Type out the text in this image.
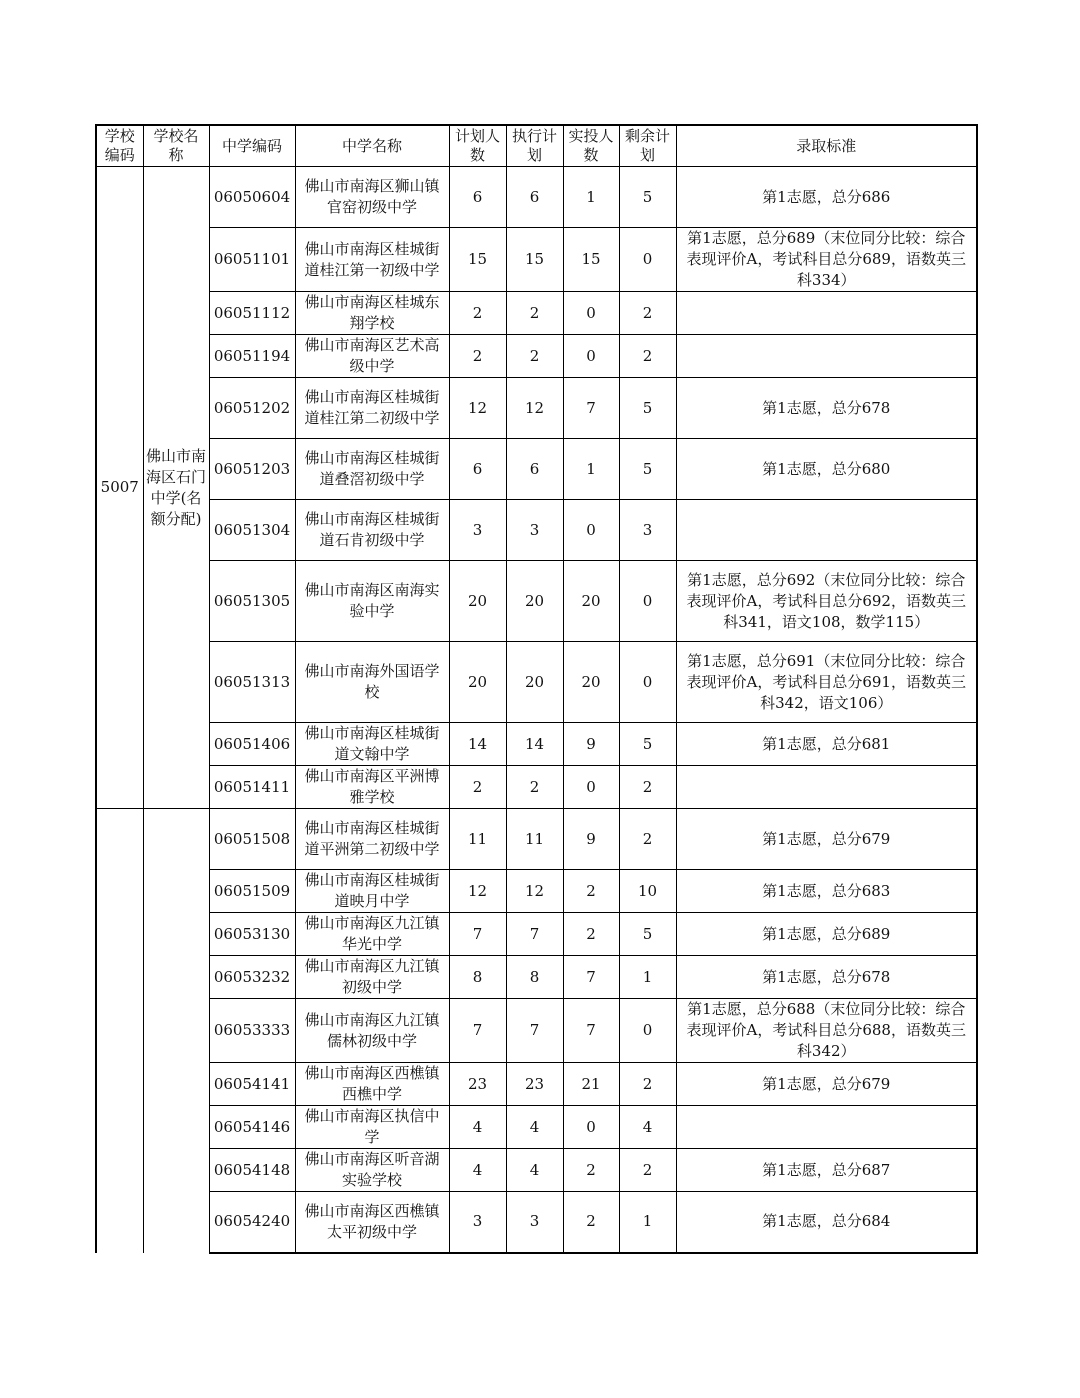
学校编码	学校名称	中学编码	中学名称	计划人数	执行计划	实投人数	剩余计划	录取标准
5007	佛山市南海区石门中学(名额分配)	06050604	佛山市南海区狮山镇官窑初级中学	6	6	1	5	第1志愿，总分686
		06051101	佛山市南海区桂城街道桂江第一初级中学	15	15	15	0	第1志愿，总分689（末位同分比较：综合表现评价A，考试科目总分689，语数英三科334）
		06051112	佛山市南海区桂城东翔学校	2	2	0	2	
		06051194	佛山市南海区艺术高级中学	2	2	0	2	
		06051202	佛山市南海区桂城街道桂江第二初级中学	12	12	7	5	第1志愿，总分678
		06051203	佛山市南海区桂城街道叠滘初级中学	6	6	1	5	第1志愿，总分680
		06051304	佛山市南海区桂城街道石肯初级中学	3	3	0	3	
		06051305	佛山市南海区南海实验中学	20	20	20	0	第1志愿，总分692（末位同分比较：综合表现评价A，考试科目总分692，语数英三科341，语文108，数学115）
		06051313	佛山市南海外国语学校	20	20	20	0	第1志愿，总分691（末位同分比较：综合表现评价A，考试科目总分691，语数英三科342，语文106）
		06051406	佛山市南海区桂城街道文翰中学	14	14	9	5	第1志愿，总分681
		06051411	佛山市南海区平洲博雅学校	2	2	0	2	
		06051508	佛山市南海区桂城街道平洲第二初级中学	11	11	9	2	第1志愿，总分679
		06051509	佛山市南海区桂城街道映月中学	12	12	2	10	第1志愿，总分683
		06053130	佛山市南海区九江镇华光中学	7	7	2	5	第1志愿，总分689
		06053232	佛山市南海区九江镇初级中学	8	8	7	1	第1志愿，总分678
		06053333	佛山市南海区九江镇儒林初级中学	7	7	7	0	第1志愿，总分688（末位同分比较：综合表现评价A，考试科目总分688，语数英三科342）
		06054141	佛山市南海区西樵镇西樵中学	23	23	21	2	第1志愿，总分679
		06054146	佛山市南海区执信中学	4	4	0	4	
		06054148	佛山市南海区听音湖实验学校	4	4	2	2	第1志愿，总分687
		06054240	佛山市南海区西樵镇太平初级中学	3	3	2	1	第1志愿，总分684
